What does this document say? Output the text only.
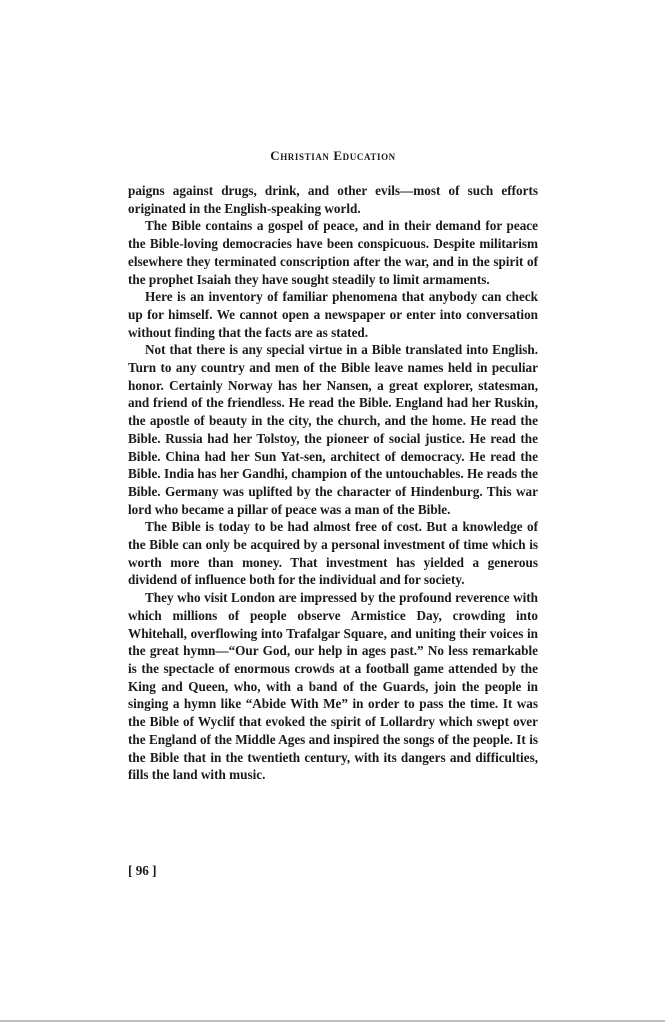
Christian Education

paigns against drugs, drink, and other evils—most of such efforts originated in the English-speaking world.

The Bible contains a gospel of peace, and in their demand for peace the Bible-loving democracies have been conspicuous. Despite militarism elsewhere they terminated conscription after the war, and in the spirit of the prophet Isaiah they have sought steadily to limit armaments.

Here is an inventory of familiar phenomena that anybody can check up for himself. We cannot open a newspaper or enter into conversation without finding that the facts are as stated.

Not that there is any special virtue in a Bible translated into English. Turn to any country and men of the Bible leave names held in peculiar honor. Certainly Norway has her Nansen, a great explorer, statesman, and friend of the friendless. He read the Bible. England had her Ruskin, the apostle of beauty in the city, the church, and the home. He read the Bible. Russia had her Tolstoy, the pioneer of social justice. He read the Bible. China had her Sun Yat-sen, architect of democracy. He read the Bible. India has her Gandhi, champion of the untouchables. He reads the Bible. Germany was uplifted by the character of Hindenburg. This war lord who became a pillar of peace was a man of the Bible.

The Bible is today to be had almost free of cost. But a knowledge of the Bible can only be acquired by a personal investment of time which is worth more than money. That investment has yielded a generous dividend of influence both for the individual and for society.

They who visit London are impressed by the profound reverence with which millions of people observe Armistice Day, crowding into Whitehall, overflowing into Trafalgar Square, and uniting their voices in the great hymn—“Our God, our help in ages past.” No less remarkable is the spectacle of enormous crowds at a football game attended by the King and Queen, who, with a band of the Guards, join the people in singing a hymn like “Abide With Me” in order to pass the time. It was the Bible of Wyclif that evoked the spirit of Lollardry which swept over the England of the Middle Ages and inspired the songs of the people. It is the Bible that in the twentieth century, with its dangers and difficulties, fills the land with music.

[ 96 ]
